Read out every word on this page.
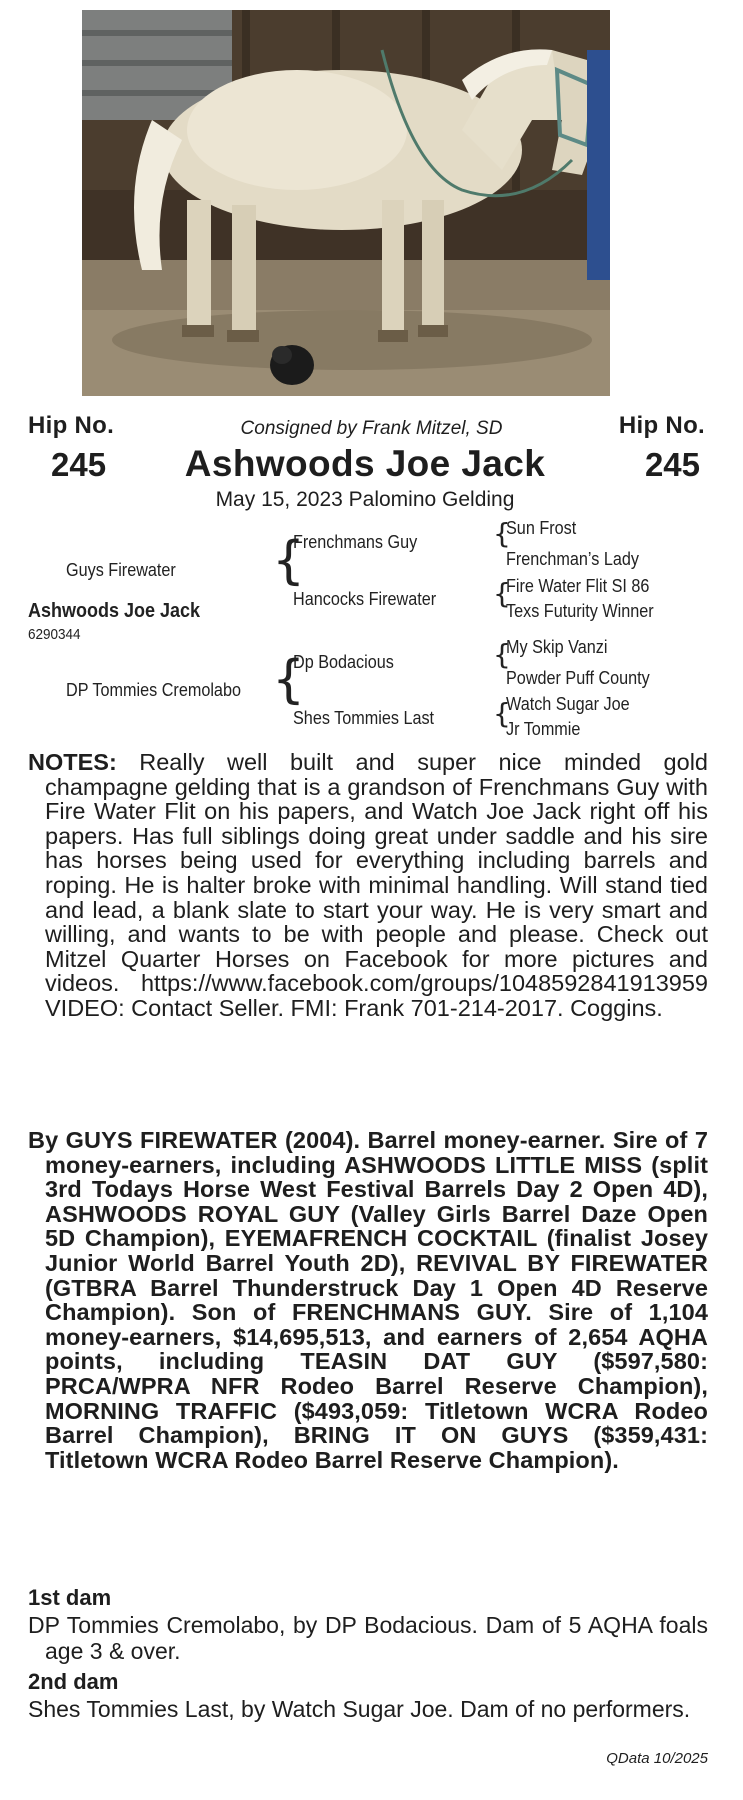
Hip No.	Hip No.
245	245
Consigned by Frank Mitzel, SD
Ashwoods Joe Jack
May 15, 2023 Palomino Gelding
Guys Firewater
Ashwoods Joe Jack
6290344
DP Tommies Cremolabo
{
Frenchmans Guy
Hancocks Firewater
{
Dp Bodacious
Shes Tommies Last
{
Sun Frost
Frenchman’s Lady
{
Fire Water Flit SI 86
Texs Futurity Winner
{
My Skip Vanzi
Powder Puff County
{
Watch Sugar Joe
Jr Tommie

NOTES: Really well built and super nice minded gold champagne gelding that is a grandson of Frenchmans Guy with Fire Water Flit on his papers, and Watch Joe Jack right off his papers. Has full siblings doing great under saddle and his sire has horses being used for everything including barrels and roping. He is halter broke with minimal handling. Will stand tied and lead, a blank slate to start your way. He is very smart and willing, and wants to be with people and please. Check out Mitzel Quarter Horses on Facebook for more pictures and videos. https://www.facebook.com/groups/1048592841913959 VIDEO: Contact Seller. FMI: Frank 701-214-2017. Coggins.

By GUYS FIREWATER (2004). Barrel money-earner. Sire of 7 money-earners, including ASHWOODS LITTLE MISS (split 3rd Todays Horse West Festival Barrels Day 2 Open 4D), ASHWOODS ROYAL GUY (Valley Girls Barrel Daze Open 5D Champion), EYEMAFRENCH COCKTAIL (finalist Josey Junior World Barrel Youth 2D), REVIVAL BY FIREWATER (GTBRA Barrel Thunderstruck Day 1 Open 4D Reserve Champion). Son of FRENCHMANS GUY. Sire of 1,104 money-earners, $14,695,513, and earners of 2,654 AQHA points, including TEASIN DAT GUY ($597,580: PRCA/WPRA NFR Rodeo Barrel Reserve Champion), MORNING TRAFFIC ($493,059: Titletown WCRA Rodeo Barrel Champion), BRING IT ON GUYS ($359,431: Titletown WCRA Rodeo Barrel Reserve Champion).

1st dam

DP Tommies Cremolabo, by DP Bodacious. Dam of 5 AQHA foals age 3 & over.

2nd dam

Shes Tommies Last, by Watch Sugar Joe. Dam of no performers.

QData 10/2025
